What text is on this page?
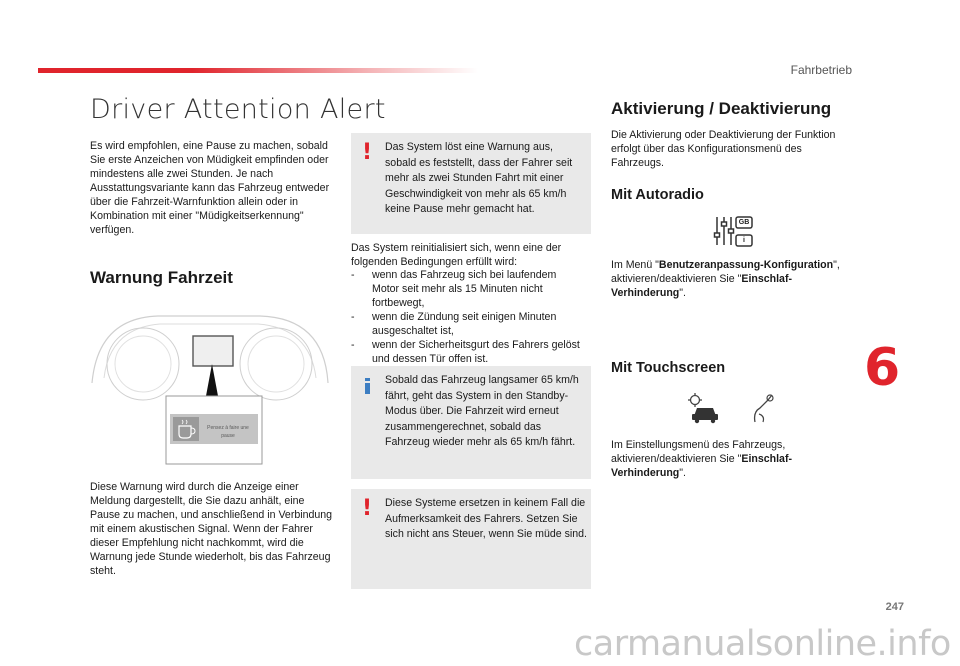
Fahrbetrieb
Driver Attention Alert

Es wird empfohlen, eine Pause zu machen, sobald Sie erste Anzeichen von Müdigkeit empfinden oder mindestens alle zwei Stunden. Je nach Ausstattungsvariante kann das Fahrzeug entweder über die Fahrzeit-Warnfunktion allein oder in Kombination mit einer "Müdigkeitserkennung" verfügen.

Warnung Fahrzeit
Pensez à faire une pause

Diese Warnung wird durch die Anzeige einer Meldung dargestellt, die Sie dazu anhält, eine Pause zu machen, und anschließend in Verbindung mit einem akustischen Signal. Wenn der Fahrer dieser Empfehlung nicht nachkommt, wird die Warnung jede Stunde wiederholt, bis das Fahrzeug steht.

! Das System löst eine Warnung aus, sobald es feststellt, dass der Fahrer seit mehr als zwei Stunden Fahrt mit einer Geschwindigkeit von mehr als 65 km/h keine Pause mehr gemacht hat.

Das System reinitialisiert sich, wenn eine der folgenden Bedingungen erfüllt wird:

- wenn das Fahrzeug sich bei laufendem Motor seit mehr als 15 Minuten nicht fortbewegt,
- wenn die Zündung seit einigen Minuten ausgeschaltet ist,
- wenn der Sicherheitsgurt des Fahrers gelöst und dessen Tür offen ist.

Sobald das Fahrzeug langsamer 65 km/h fährt, geht das System in den Standby-Modus über. Die Fahrzeit wird erneut zusammengerechnet, sobald das Fahrzeug wieder mehr als 65 km/h fährt.

! Diese Systeme ersetzen in keinem Fall die Aufmerksamkeit des Fahrers. Setzen Sie sich nicht ans Steuer, wenn Sie müde sind.

Aktivierung / Deaktivierung

Die Aktivierung oder Deaktivierung der Funktion erfolgt über das Konfigurationsmenü des Fahrzeugs.

Mit Autoradio
GB
i

Im Menü "Benutzeranpassung-Konfiguration", aktivieren/deaktivieren Sie "Einschlaf-Verhinderung".

Mit Touchscreen

Im Einstellungsmenü des Fahrzeugs, aktivieren/deaktivieren Sie "Einschlaf-Verhinderung".

6
247
carmanualsonline.info
